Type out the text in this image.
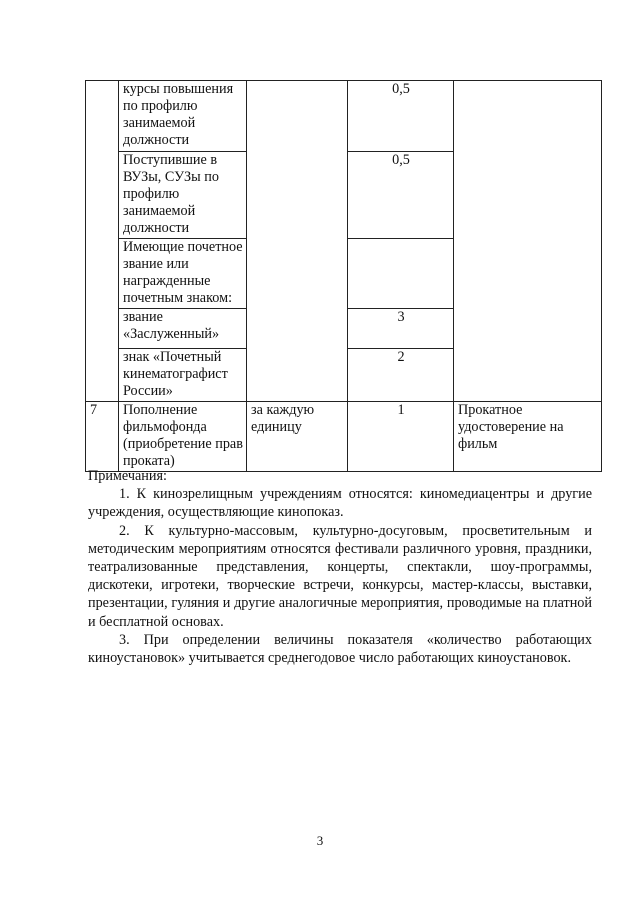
	курсы повышения по профилю занимаемой должности		0,5	
	Поступившие в ВУЗы, СУЗы по профилю занимаемой должности		0,5	
	Имеющие почетное звание или награжденные почетным знаком:			
	звание «Заслуженный»		3	
	знак «Почетный кинематографист России»		2	
7	Пополнение фильмофонда (приобретение прав проката)	за каждую единицу	1	Прокатное удостоверение на фильм

Примечания:

1. К кинозрелищным учреждениям относятся: киномедиацентры и другие учреждения, осуществляющие кинопоказ.

2. К культурно-массовым, культурно-досуговым, просветительным и методическим мероприятиям относятся фестивали различного уровня, праздники, театрализованные представления, концерты, спектакли, шоу-программы, дискотеки, игротеки, творческие встречи, конкурсы, мастер-классы, выставки, презентации, гуляния и другие аналогичные мероприятия, проводимые на платной и бесплатной основах.

3. При определении величины показателя «количество работающих киноустановок» учитывается среднегодовое число работающих киноустановок.

3
